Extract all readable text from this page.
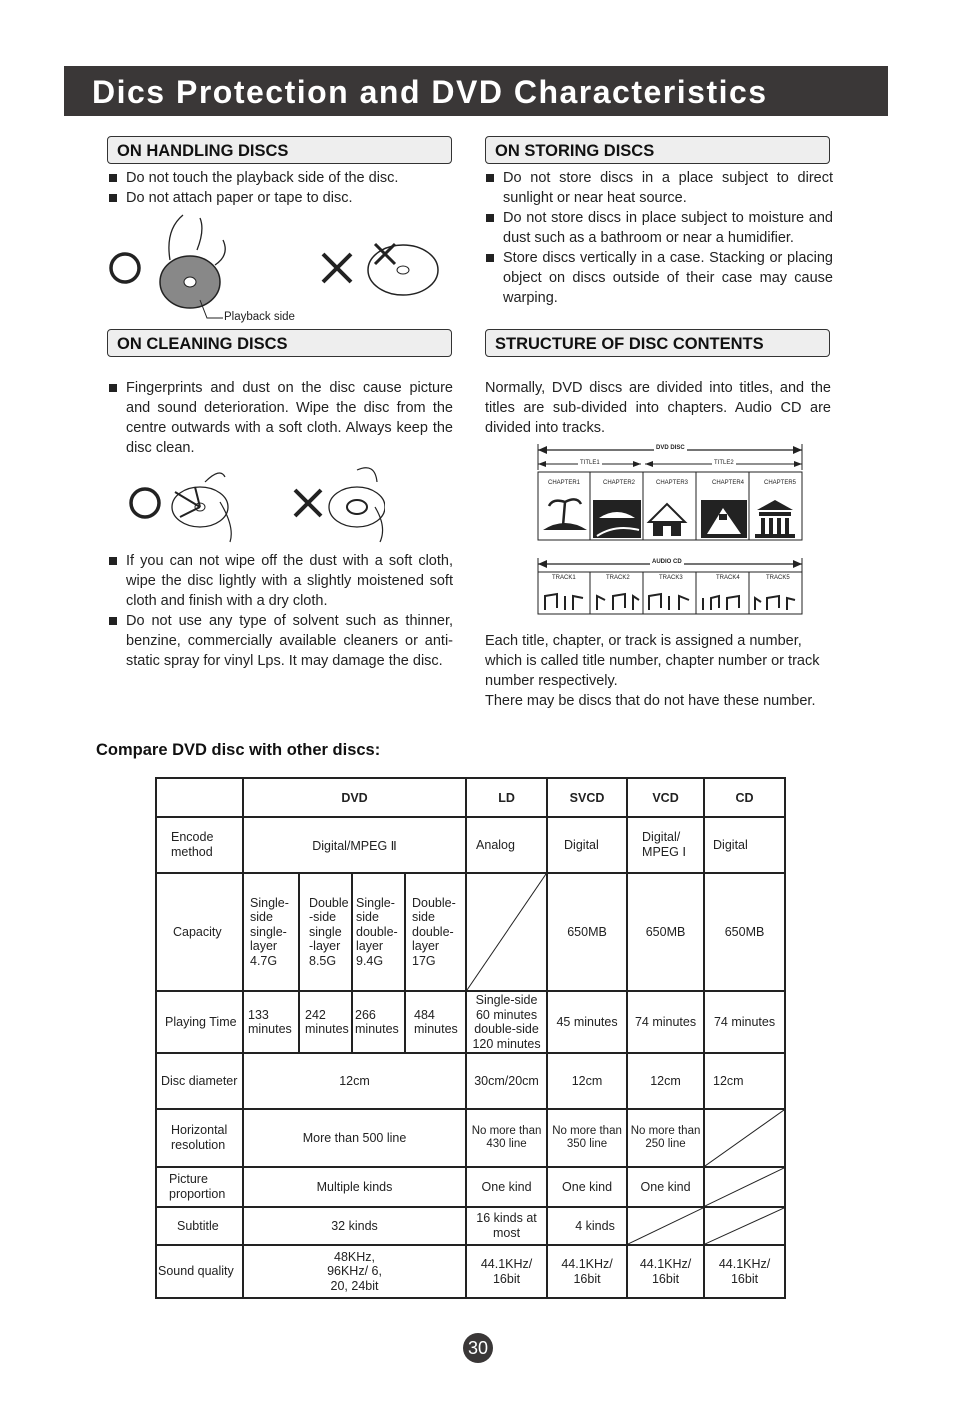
Dics Protection and DVD Characteristics
ON HANDLING DISCS
Do not touch the playback side of the disc.
Do not attach paper or tape to disc.
Playback side
ON STORING DISCS
Do not store discs in a place subject to direct sunlight or near heat source.
Do not store discs in place subject to moisture and dust such as a bathroom or near a humidifier.
Store discs vertically in a case. Stacking or placing object on discs outside of their case may cause warping.
ON CLEANING DISCS
Fingerprints and dust on the disc cause picture and sound deterioration. Wipe the disc from the centre outwards with a soft cloth. Always keep the disc clean.
If you can not wipe off the dust with a soft cloth, wipe the disc lightly with a slightly moistened soft cloth and finish with a dry cloth.
Do not use any type of solvent such as thinner, benzine, commercially available cleaners or anti-static spray for vinyl Lps. It may damage the disc.
STRUCTURE OF DISC CONTENTS
Normally, DVD discs are divided into titles, and the titles are sub-divided into chapters. Audio CD are divided into tracks.
DVD DISC
TITLE1	TITLE2
CHAPTER1	CHAPTER2	CHAPTER3	CHAPTER4	CHAPTER5
AUDIO CD
TRACK1	TRACK2	TRACK3	TRACK4	TRACK5
Each title, chapter, or track is assigned a number, which is called title number, chapter number or track number respectively.
There may be discs that do not have these number.
Compare DVD disc with other discs:
	DVD				LD	SVCD	VCD	CD
Encode method	Digital/MPEG Ⅱ				Analog	Digital	Digital/ MPEG Ⅰ	Digital
Capacity	Single- side single- layer 4.7G	Double -side single -layer 8.5G	Single- side double- layer 9.4G	Double- side double- layer 17G		650MB	650MB	650MB
Playing Time	133 minutes	242 minutes	266 minutes	484 minutes	Single-side 60 minutes double-side 120 minutes	45 minutes	74 minutes	74 minutes
Disc diameter	12cm				30cm/20cm	12cm	12cm	12cm
Horizontal resolution	More than 500 line				No more than 430 line	No more than 350 line	No more than 250 line	

Picture proportion	Multiple kinds				One kind	One kind	One kind	

Subtitle	32 kinds				16 kinds at most	4 kinds	

Sound quality	48KHz, 96KHz/ 6, 20, 24bit				44.1KHz/ 16bit	44.1KHz/ 16bit	44.1KHz/ 16bit	44.1KHz/ 16bit
30
